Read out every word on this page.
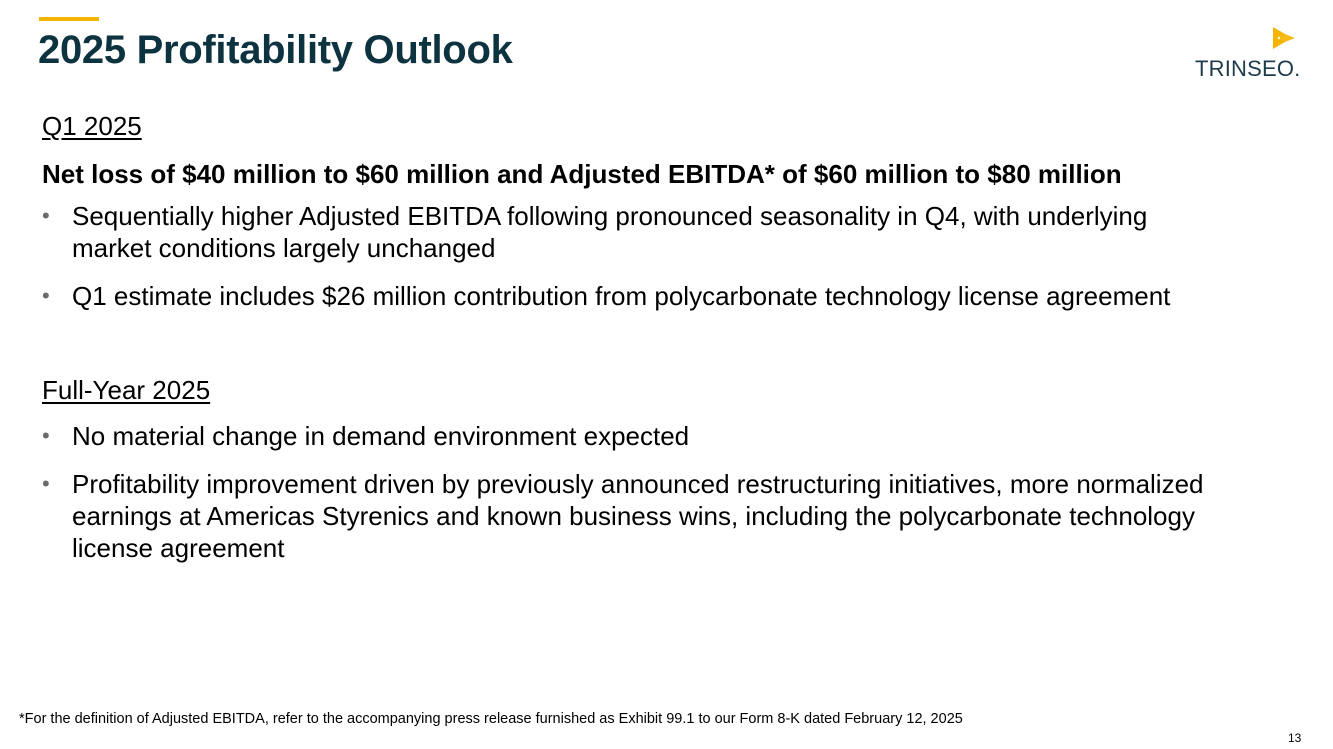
2025 Profitability Outlook	TRINSEO.
Q1 2025
Net loss of $40 million to $60 million and Adjusted EBITDA* of $60 million to $80 million
• Sequentially higher Adjusted EBITDA following pronounced seasonality in Q4, with underlying market conditions largely unchanged
• Q1 estimate includes $26 million contribution from polycarbonate technology license agreement
Full-Year 2025
• No material change in demand environment expected
• Profitability improvement driven by previously announced restructuring initiatives, more normalized earnings at Americas Styrenics and known business wins, including the polycarbonate technology license agreement
*For the definition of Adjusted EBITDA, refer to the accompanying press release furnished as Exhibit 99.1 to our Form 8-K dated February 12, 2025
13
